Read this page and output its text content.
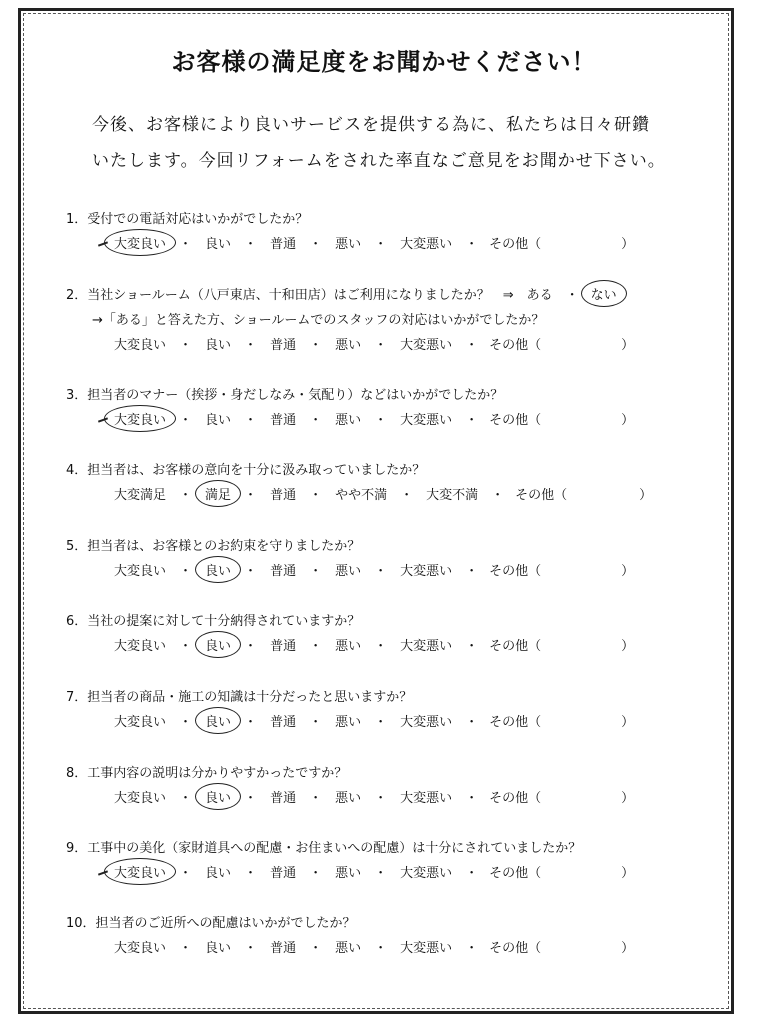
お客様の満足度をお聞かせください！
今後、お客様により良いサービスを提供する為に、私たちは日々研鑽
いたします。今回リフォームをされた率直なご意見をお聞かせ下さい。
1．受付での電話対応はいかがでしたか？
大変良い ・ 良い ・ 普通 ・ 悪い ・ 大変悪い ・ その他（	）
2．当社ショールーム（八戸東店、十和田店）はご利用になりましたか？　⇒　ある　・ ない
→「ある」と答えた方、ショールームでのスタッフの対応はいかがでしたか？
大変良い ・ 良い ・ 普通 ・ 悪い ・ 大変悪い ・ その他（	）
3．担当者のマナー（挨拶・身だしなみ・気配り）などはいかがでしたか？
大変良い ・ 良い ・ 普通 ・ 悪い ・ 大変悪い ・ その他（	）
4．担当者は、お客様の意向を十分に汲み取っていましたか？
大変満足 ・ 満足 ・ 普通 ・ やや不満 ・ 大変不満 ・ その他（	）
5．担当者は、お客様とのお約束を守りましたか？
大変良い ・ 良い ・ 普通 ・ 悪い ・ 大変悪い ・ その他（	）
6．当社の提案に対して十分納得されていますか？
大変良い ・ 良い ・ 普通 ・ 悪い ・ 大変悪い ・ その他（	）
7．担当者の商品・施工の知識は十分だったと思いますか？
大変良い ・ 良い ・ 普通 ・ 悪い ・ 大変悪い ・ その他（	）
8．工事内容の説明は分かりやすかったですか？
大変良い ・ 良い ・ 普通 ・ 悪い ・ 大変悪い ・ その他（	）
9．工事中の美化（家財道具への配慮・お住まいへの配慮）は十分にされていましたか？
大変良い ・ 良い ・ 普通 ・ 悪い ・ 大変悪い ・ その他（	）
10．担当者のご近所への配慮はいかがでしたか？
大変良い ・ 良い ・ 普通 ・ 悪い ・ 大変悪い ・ その他（	）
